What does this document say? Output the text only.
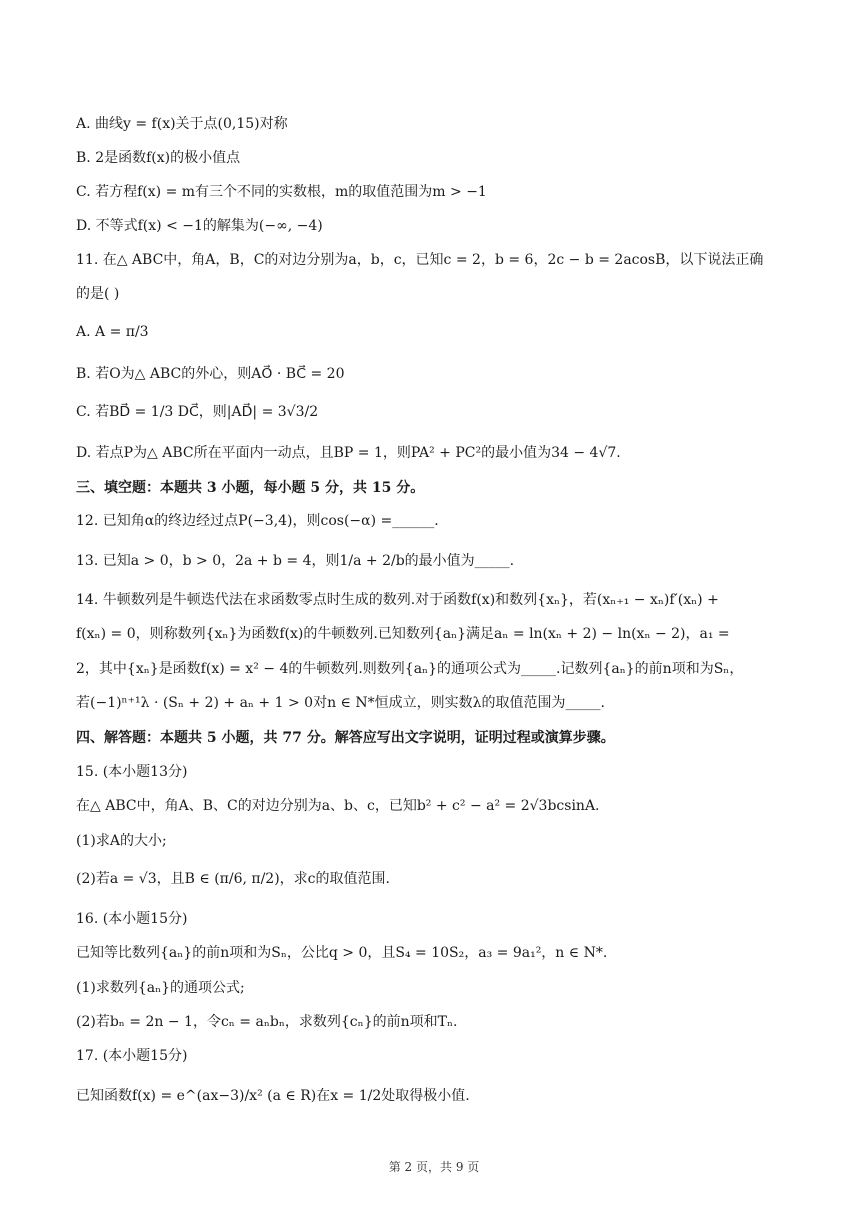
A. 曲线y = f(x)关于点(0,15)对称
B. 2是函数f(x)的极小值点
C. 若方程f(x) = m有三个不同的实数根，m的取值范围为m > −1
D. 不等式f(x) < −1的解集为(−∞, −4)
11. 在△ ABC中，角A，B，C的对边分别为a，b，c，已知c = 2，b = 6，2c − b = 2acosB，以下说法正确
的是( )
A. A = π/3
B. 若O为△ ABC的外心，则AO⃗ · BC⃗ = 20
C. 若BD⃗ = 1/3 DC⃗，则|AD⃗| = 3√3/2
D. 若点P为△ ABC所在平面内一动点，且BP = 1，则PA² + PC²的最小值为34 − 4√7.
三、填空题：本题共 3 小题，每小题 5 分，共 15 分。
12. 已知角α的终边经过点P(−3,4)，则cos(−α) =______.
13. 已知a > 0，b > 0，2a + b = 4，则1/a + 2/b的最小值为_____.
14. 牛顿数列是牛顿迭代法在求函数零点时生成的数列.对于函数f(x)和数列{xₙ}，若(xₙ₊₁ − xₙ)f′(xₙ) +
f(xₙ) = 0，则称数列{xₙ}为函数f(x)的牛顿数列.已知数列{aₙ}满足aₙ = ln(xₙ + 2) − ln(xₙ − 2)，a₁ =
2，其中{xₙ}是函数f(x) = x² − 4的牛顿数列.则数列{aₙ}的通项公式为_____.记数列{aₙ}的前n项和为Sₙ，
若(−1)ⁿ⁺¹λ · (Sₙ + 2) + aₙ + 1 > 0对n ∈ N*恒成立，则实数λ的取值范围为_____.
四、解答题：本题共 5 小题，共 77 分。解答应写出文字说明，证明过程或演算步骤。
15. (本小题13分)
在△ ABC中，角A、B、C的对边分别为a、b、c，已知b² + c² − a² = 2√3bcsinA.
(1)求A的大小;
(2)若a = √3，且B ∈ (π/6, π/2)，求c的取值范围.
16. (本小题15分)
已知等比数列{aₙ}的前n项和为Sₙ，公比q > 0，且S₄ = 10S₂，a₃ = 9a₁²，n ∈ N*.
(1)求数列{aₙ}的通项公式;
(2)若bₙ = 2n − 1，令cₙ = aₙbₙ，求数列{cₙ}的前n项和Tₙ.
17. (本小题15分)
已知函数f(x) = e^(ax−3)/x² (a ∈ R)在x = 1/2处取得极小值.
第 2 页，共 9 页
